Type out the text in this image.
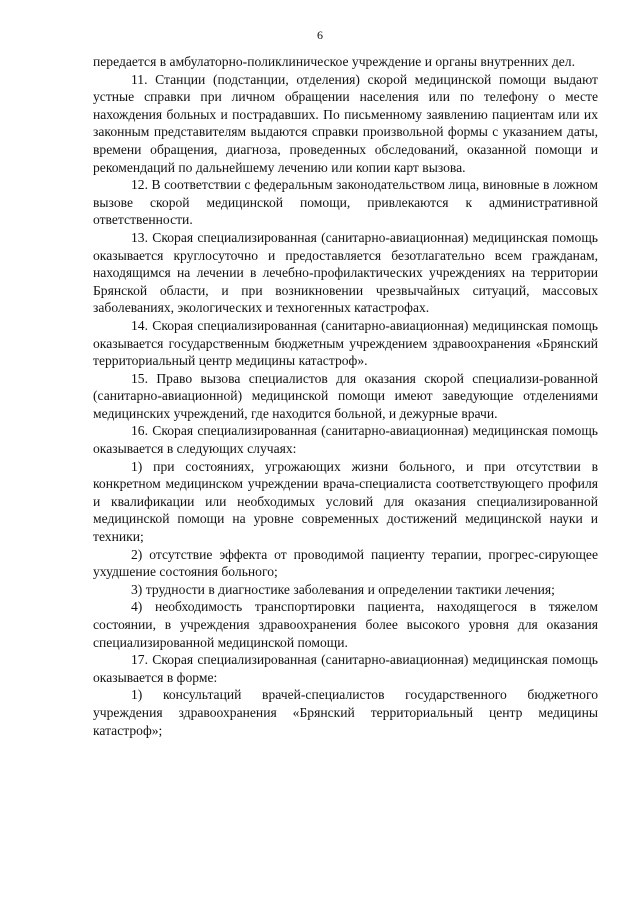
6

передается в амбулаторно-поликлиническое учреждение и органы внутренних дел.

11. Станции (подстанции, отделения) скорой медицинской помощи выдают устные справки при личном обращении населения или по телефону о месте нахождения больных и пострадавших. По письменному заявлению пациентам или их законным представителям выдаются справки произвольной формы с указанием даты, времени обращения, диагноза, проведенных обследований, оказанной помощи и рекомендаций по дальнейшему лечению или копии карт вызова.

12. В соответствии с федеральным законодательством лица, виновные в ложном вызове скорой медицинской помощи, привлекаются к административной ответственности.

13. Скорая специализированная (санитарно-авиационная) медицинская помощь оказывается круглосуточно и предоставляется безотлагательно всем гражданам, находящимся на лечении в лечебно-профилактических учреждениях на территории Брянской области, и при возникновении чрезвычайных ситуаций, массовых заболеваниях, экологических и техногенных катастрофах.

14. Скорая специализированная (санитарно-авиационная) медицинская помощь оказывается государственным бюджетным учреждением здравоохранения «Брянский территориальный центр медицины катастроф».

15. Право вызова специалистов для оказания скорой специализи-рованной (санитарно-авиационной) медицинской помощи имеют заведующие отделениями медицинских учреждений, где находится больной, и дежурные врачи.

16. Скорая специализированная (санитарно-авиационная) медицинская помощь оказывается в следующих случаях:

1) при состояниях, угрожающих жизни больного, и при отсутствии в конкретном медицинском учреждении врача-специалиста соответствующего профиля и квалификации или необходимых условий для оказания специализированной медицинской помощи на уровне современных достижений медицинской науки и техники;

2) отсутствие эффекта от проводимой пациенту терапии, прогрес-сирующее ухудшение состояния больного;

3) трудности в диагностике заболевания и определении тактики лечения;

4) необходимость транспортировки пациента, находящегося в тяжелом состоянии, в учреждения здравоохранения более высокого уровня для оказания специализированной медицинской помощи.

17. Скорая специализированная (санитарно-авиационная) медицинская помощь оказывается в форме:

1) консультаций врачей-специалистов государственного бюджетного учреждения здравоохранения «Брянский территориальный центр медицины катастроф»;
